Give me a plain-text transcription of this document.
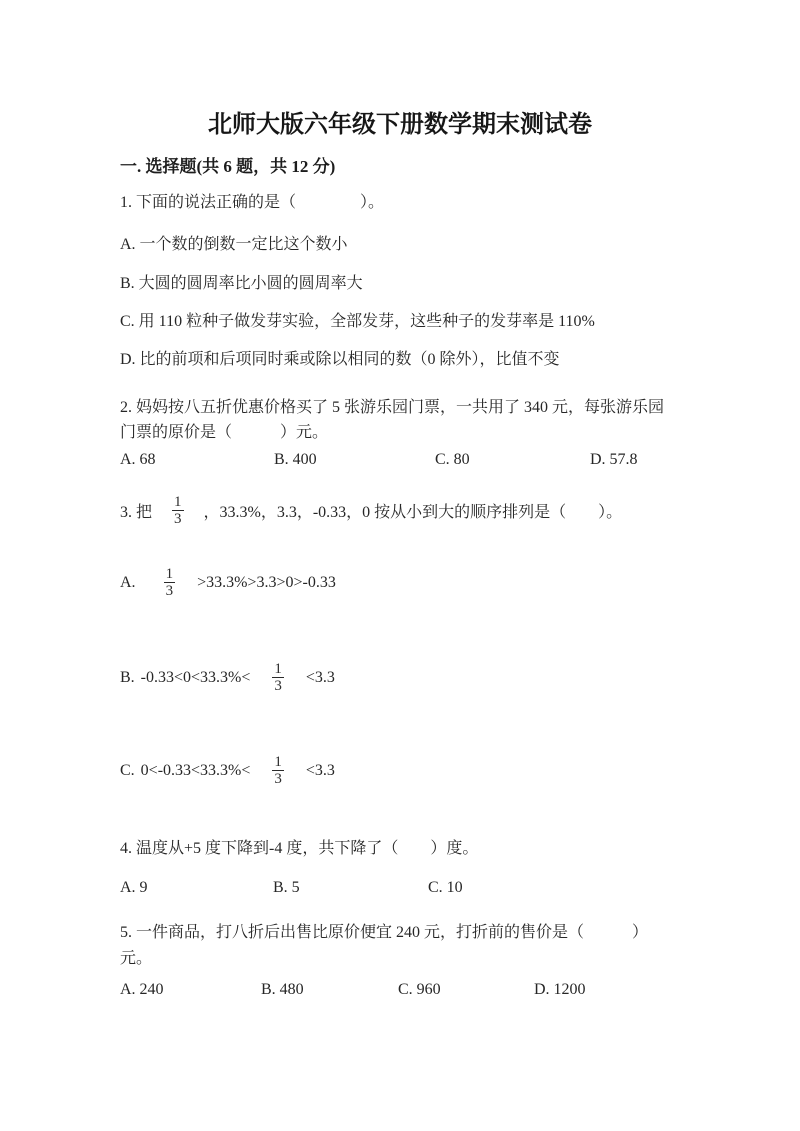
北师大版六年级下册数学期末测试卷
一. 选择题(共 6 题，共 12 分)
1. 下面的说法正确的是（　　　　）。
A. 一个数的倒数一定比这个数小
B. 大圆的圆周率比小圆的圆周率大
C. 用 110 粒种子做发芽实验，全部发芽，这些种子的发芽率是 110%
D. 比的前项和后项同时乘或除以相同的数（0 除外），比值不变
2. 妈妈按八五折优惠价格买了 5 张游乐园门票，一共用了 340 元，每张游乐园
门票的原价是（　　　）元。
A. 68	B. 400	C. 80	D. 57.8
3. 把 $\frac{1}{3}$ ，33.3%，3.3，-0.33，0 按从小到大的顺序排列是（　　）。
A. $\frac{1}{3} >33.3\%>3.3>0>-0.33$
B. $-0.33<0<33.3\%< \frac{1}{3} <3.3$
C. $0<-0.33<33.3\%< \frac{1}{3} <3.3$
4. 温度从+5 度下降到-4 度，共下降了（　　）度。
A. 9	B. 5	C. 10
5. 一件商品，打八折后出售比原价便宜 240 元，打折前的售价是（　　　）
元。
A. 240	B. 480	C. 960	D. 1200
